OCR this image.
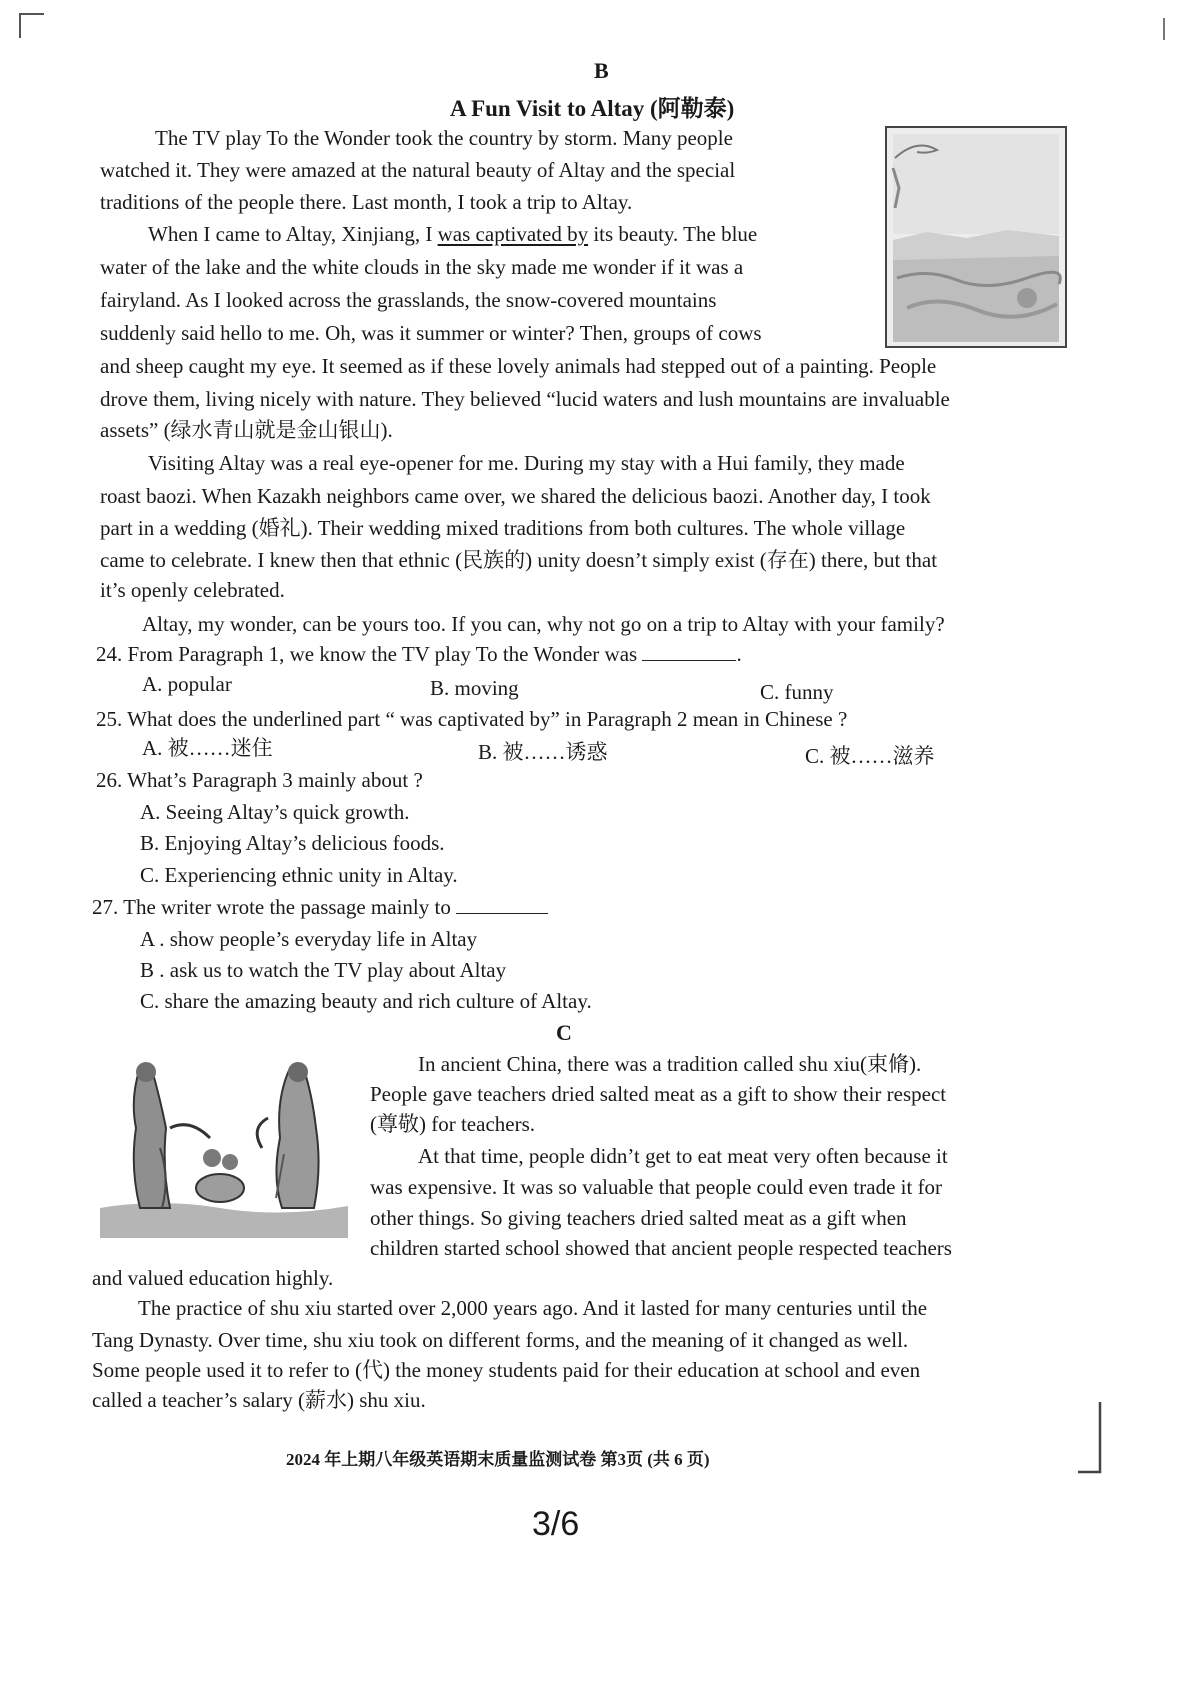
B
A Fun Visit to Altay (阿勒泰)
The TV play To the Wonder took the country by storm. Many people
watched it. They were amazed at the natural beauty of Altay and the special
traditions of the people there. Last month, I took a trip to Altay.
When I came to Altay, Xinjiang, I was captivated by its beauty. The blue
water of the lake and the white clouds in the sky made me wonder if it was a
fairyland. As I looked across the grasslands, the snow-covered mountains
suddenly said hello to me. Oh, was it summer or winter? Then, groups of cows
and sheep caught my eye. It seemed as if these lovely animals had stepped out of a painting. People
drove them, living nicely with nature. They believed “lucid waters and lush mountains are invaluable
assets” (绿水青山就是金山银山).
Visiting Altay was a real eye-opener for me. During my stay with a Hui family, they made
roast baozi. When Kazakh neighbors came over, we shared the delicious baozi. Another day, I took
part in a wedding (婚礼). Their wedding mixed traditions from both cultures. The whole village
came to celebrate. I knew then that ethnic (民族的) unity doesn’t simply exist (存在) there, but that
it’s openly celebrated.
Altay, my wonder, can be yours too. If you can, why not go on a trip to Altay with your family?
24. From Paragraph 1, we know the TV play To the Wonder was	.
A. popular	B. moving	C. funny
25. What does the underlined part “ was captivated by” in Paragraph 2 mean in Chinese ?
A. 被……迷住	B. 被……诱惑	C. 被……滋养
26. What’s Paragraph 3 mainly about ?
A. Seeing Altay’s quick growth.
B. Enjoying Altay’s delicious foods.
C. Experiencing ethnic unity in Altay.
27. The writer wrote the passage mainly to
A . show people’s everyday life in Altay
B . ask us to watch the TV play about Altay
C. share the amazing beauty and rich culture of Altay.
C
In ancient China, there was a tradition called shu xiu(束脩).
People gave teachers dried salted meat as a gift to show their respect
(尊敬) for teachers.
At that time, people didn’t get to eat meat very often because it
was expensive. It was so valuable that people could even trade it for
other things. So giving teachers dried salted meat as a gift when
children started school showed that ancient people respected teachers
and valued education highly.
The practice of shu xiu started over 2,000 years ago. And it lasted for many centuries until the
Tang Dynasty. Over time, shu xiu took on different forms, and the meaning of it changed as well.
Some people used it to refer to (代) the money students paid for their education at school and even
called a teacher’s salary (薪水) shu xiu.
2024 年上期八年级英语期末质量监测试卷 第3页 (共 6 页)
3/6
